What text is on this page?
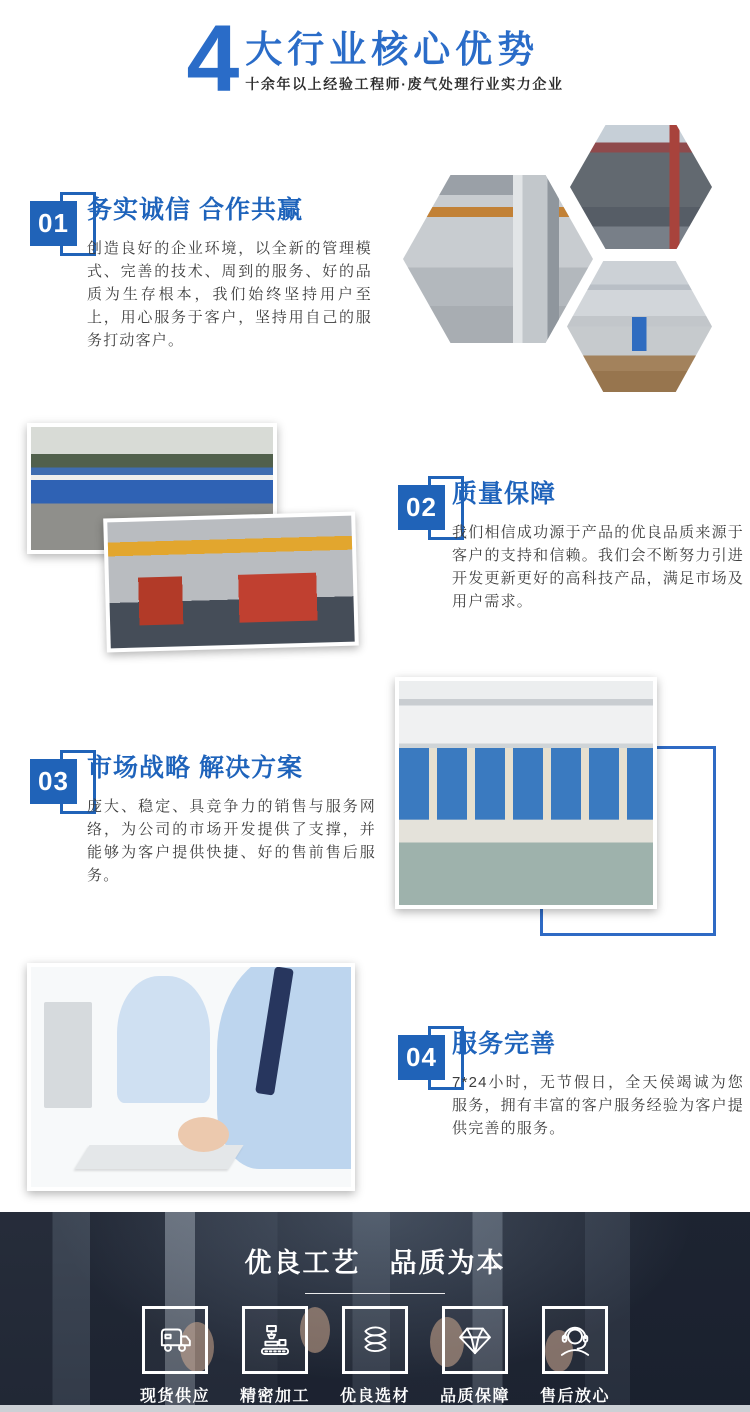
4 大行业核心优势
十余年以上经验工程师·废气处理行业实力企业
01 务实诚信 合作共赢

创造良好的企业环境，以全新的管理模式、完善的技术、周到的服务、好的品质为生存根本，我们始终坚持用户至上，用心服务于客户，坚持用自己的服务打动客户。

02 质量保障

我们相信成功源于产品的优良品质来源于客户的支持和信赖。我们会不断努力引进开发更新更好的高科技产品，满足市场及用户需求。

03 市场战略 解决方案

庞大、稳定、具竞争力的销售与服务网络，为公司的市场开发提供了支撑，并能够为客户提供快捷、好的售前售后服务。

04 服务完善

7*24小时，无节假日，全天侯竭诚为您服务，拥有丰富的客户服务经验为客户提供完善的服务。

优良工艺　品质为本
现货供应 精密加工 优良选材 品质保障 售后放心
